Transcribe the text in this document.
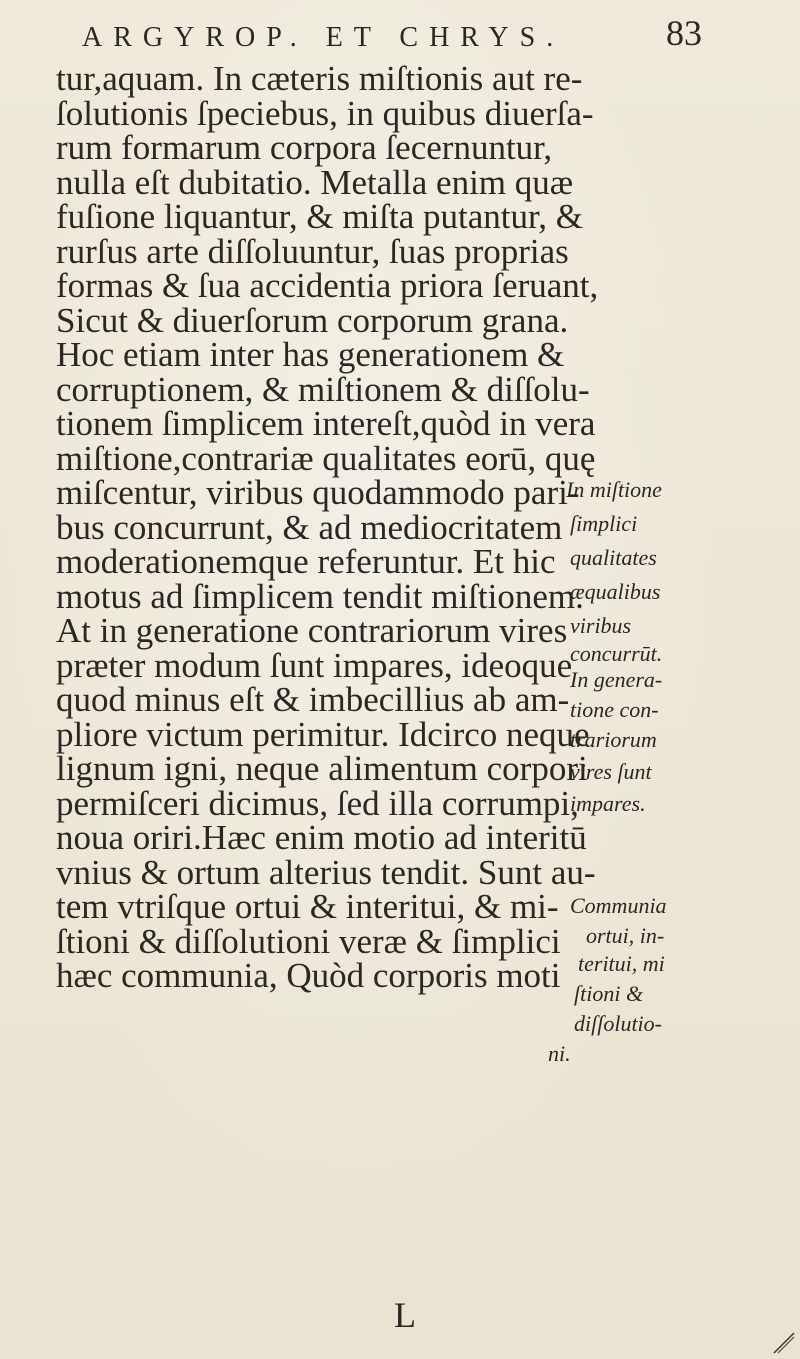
ARGYROP. ET CHRYS.	83
tur,aquam. In cæteris miſtionis aut re-
ſolutionis ſpeciebus, in quibus diuerſa-
rum formarum corpora ſecernuntur,
nulla eſt dubitatio. Metalla enim quæ
fuſione liquantur, & miſta putantur, &
rurſus arte diſſoluuntur, ſuas proprias
formas & ſua accidentia priora ſeruant,
Sicut & diuerſorum corporum grana.
Hoc etiam inter has generationem &
corruptionem, & miſtionem & diſſolu-
tionem ſimplicem intereſt,quòd in vera
miſtione,contrariæ qualitates eorū, quę
miſcentur, viribus quodammodo pari-
bus concurrunt, & ad mediocritatem
moderationemque referuntur. Et hic
motus ad ſimplicem tendit miſtionem.
At in generatione contrariorum vires
præter modum ſunt impares, ideoque
quod minus eſt & imbecillius ab am-
pliore victum perimitur. Idcirco neque
lignum igni, neque alimentum corpori
permiſceri dicimus, ſed illa corrumpi,
noua oriri.Hæc enim motio ad interitū
vnius & ortum alterius tendit. Sunt au-
tem vtriſque ortui & interitui, & mi-
ſtioni & diſſolutioni veræ & ſimplici
hæc communia, Quòd corporis moti
In miſtione
ſimplici
qualitates
æqualibus
viribus
concurrūt.
In genera-
tione con-
trariorum
vires ſunt
impares.
Communia
ortui, in-
teritui, mi
ſtioni &
diſſolutio-
ni.
L
